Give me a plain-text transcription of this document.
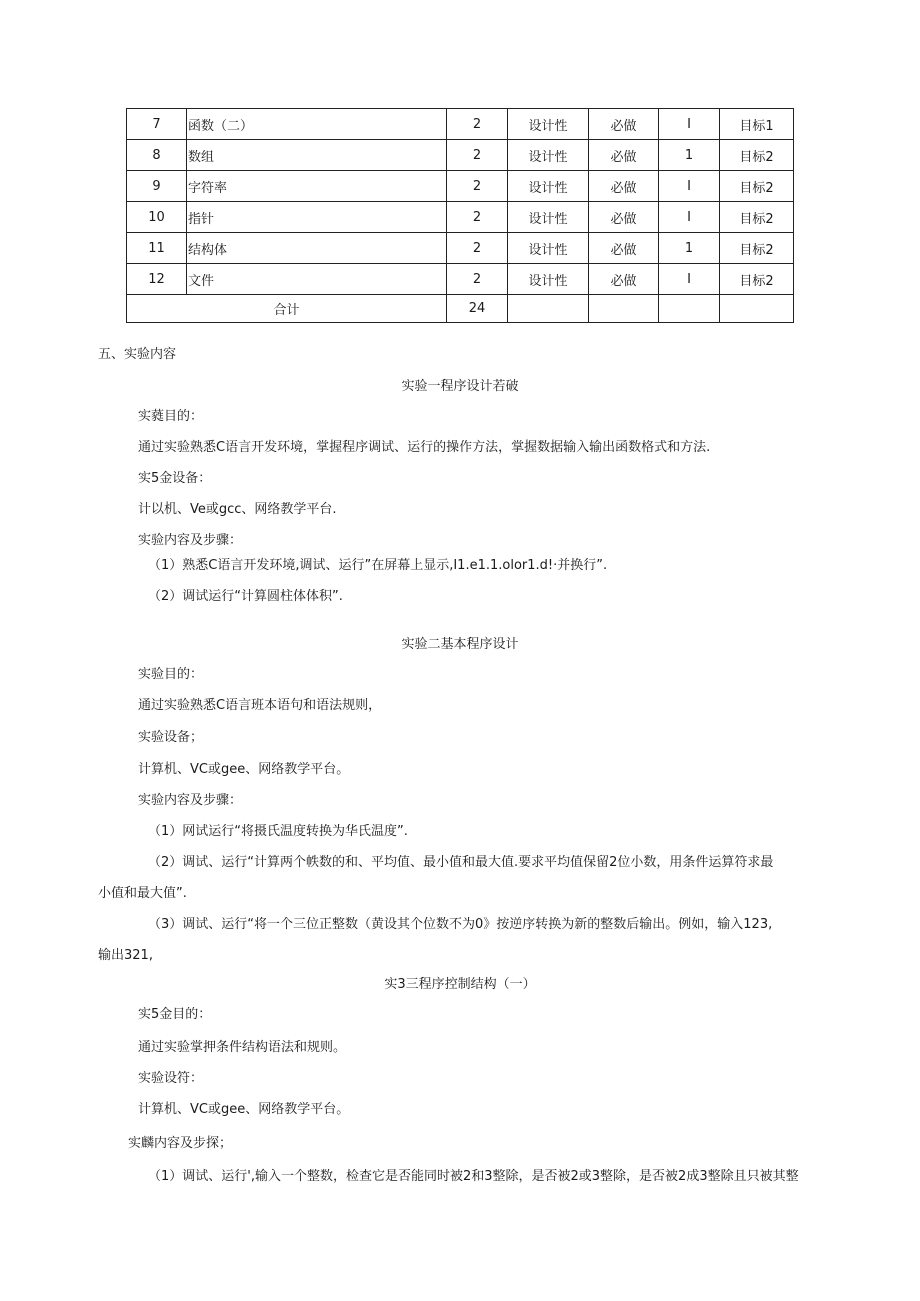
7	函数（二）	2	设计性	必做	I	目标1
8	数组	2	设计性	必做	1	目标2
9	字符率	2	设计性	必做	I	目标2
10	指针	2	设计性	必做	I	目标2
11	结构体	2	设计性	必做	1	目标2
12	文件	2	设计性	必做	I	目标2
合计		24				
五、实验内容
实验一程序设计若破
实蕤目的：
通过实验熟悉C语言开发环境，掌握程序调试、运行的操作方法，掌握数据输入输出函数格式和方法.
实5金设备：
计以机、Ve或gcc、网络教学平台.
实验内容及步骤：
（1）熟悉C语言开发环境,调试、运行”在屏幕上显示,I1.e1.1.olor1.d!·并换行”.
（2）调试运行“计算圆柱体体积”.
实验二基本程序设计
实验目的：
通过实验熟悉C语言班本语句和语法规则，
实验设备；
计算机、VC或gee、网络教学平台。
实验内容及步骤：
（1）网试运行“将摄氏温度转换为华氏温度”.
（2）调试、运行“计算两个帙数的和、平均值、最小值和最大值.要求平均值保留2位小数，用条件运算符求最
小值和最大值”.
（3）调试、运行“将一个三位正整数（黄设其个位数不为0》按逆序转换为新的整数后输出。例如，输入123,
输出321,
实3三程序控制结构（一）
实5金目的：
通过实验掌押条件结构语法和规则。
实验设符：
计算机、VC或gee、网络教学平台。
实麟内容及步探；
（1）调试、运行',输入一个整数，检查它是否能同时被2和3整除，是否被2或3整除，是否被2成3整除且只被其整
